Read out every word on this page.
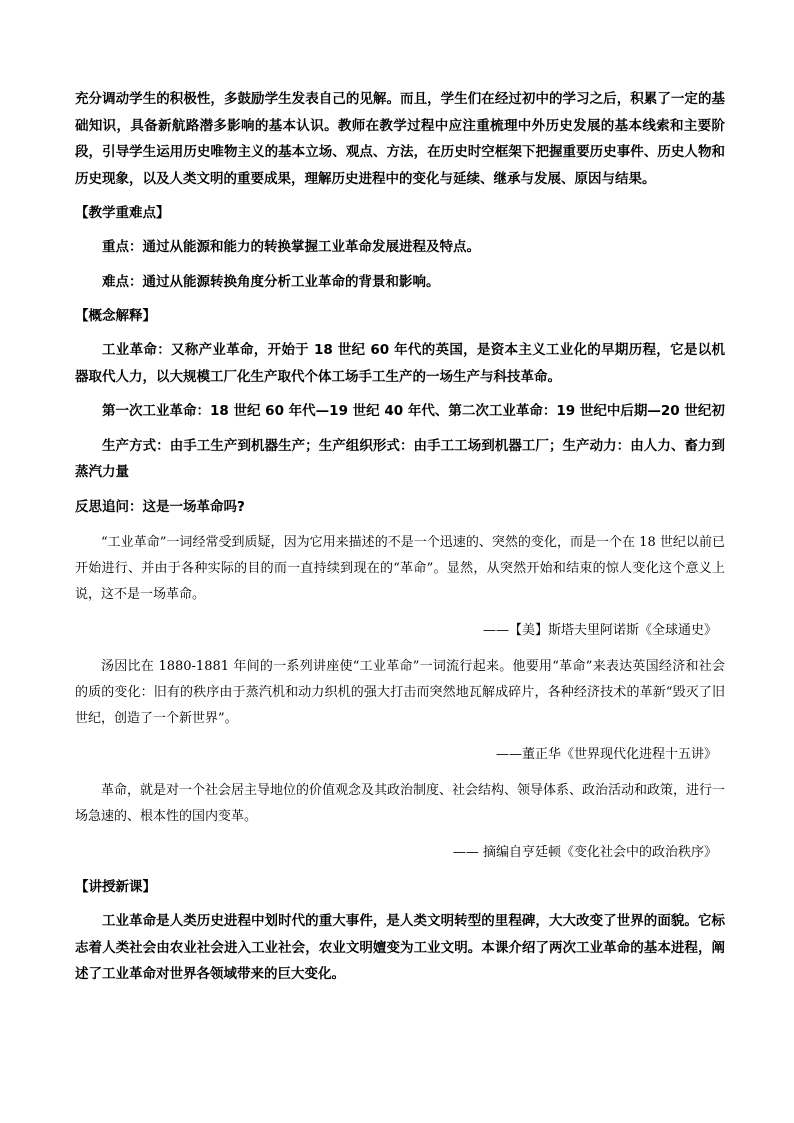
充分调动学生的积极性，多鼓励学生发表自己的见解。而且，学生们在经过初中的学习之后，积累了一定的基础知识，具备新航路潜多影响的基本认识。教师在教学过程中应注重梳理中外历史发展的基本线索和主要阶段，引导学生运用历史唯物主义的基本立场、观点、方法，在历史时空框架下把握重要历史事件、历史人物和历史现象，以及人类文明的重要成果，理解历史进程中的变化与延续、继承与发展、原因与结果。

【教学重难点】

重点：通过从能源和能力的转换掌握工业革命发展进程及特点。

难点：通过从能源转换角度分析工业革命的背景和影响。

【概念解释】

工业革命：又称产业革命，开始于 18 世纪 60 年代的英国，是资本主义工业化的早期历程，它是以机器取代人力，以大规模工厂化生产取代个体工场手工生产的一场生产与科技革命。

第一次工业革命：18 世纪 60 年代—19 世纪 40 年代、第二次工业革命：19 世纪中后期—20 世纪初

生产方式：由手工生产到机器生产；生产组织形式：由手工工场到机器工厂；生产动力：由人力、畜力到蒸汽力量

反思追问：这是一场革命吗?

“工业革命”一词经常受到质疑，因为它用来描述的不是一个迅速的、突然的变化，而是一个在 18 世纪以前已开始进行、并由于各种实际的目的而一直持续到现在的“革命”。显然，从突然开始和结束的惊人变化这个意义上说，这不是一场革命。

——【美】斯塔夫里阿诺斯《全球通史》

汤因比在 1880-1881 年间的一系列讲座使“工业革命”一词流行起来。他要用“革命”来表达英国经济和社会的质的变化：旧有的秩序由于蒸汽机和动力织机的强大打击而突然地瓦解成碎片，各种经济技术的革新“毁灭了旧世纪，创造了一个新世界”。

——董正华《世界现代化进程十五讲》

革命，就是对一个社会居主导地位的价值观念及其政治制度、社会结构、领导体系、政治活动和政策，进行一场急速的、根本性的国内变革。

—— 摘编自亨廷顿《变化社会中的政治秩序》

【讲授新课】

工业革命是人类历史进程中划时代的重大事件，是人类文明转型的里程碑，大大改变了世界的面貌。它标志着人类社会由农业社会进入工业社会，农业文明嬗变为工业文明。本课介绍了两次工业革命的基本进程，阐述了工业革命对世界各领域带来的巨大变化。
